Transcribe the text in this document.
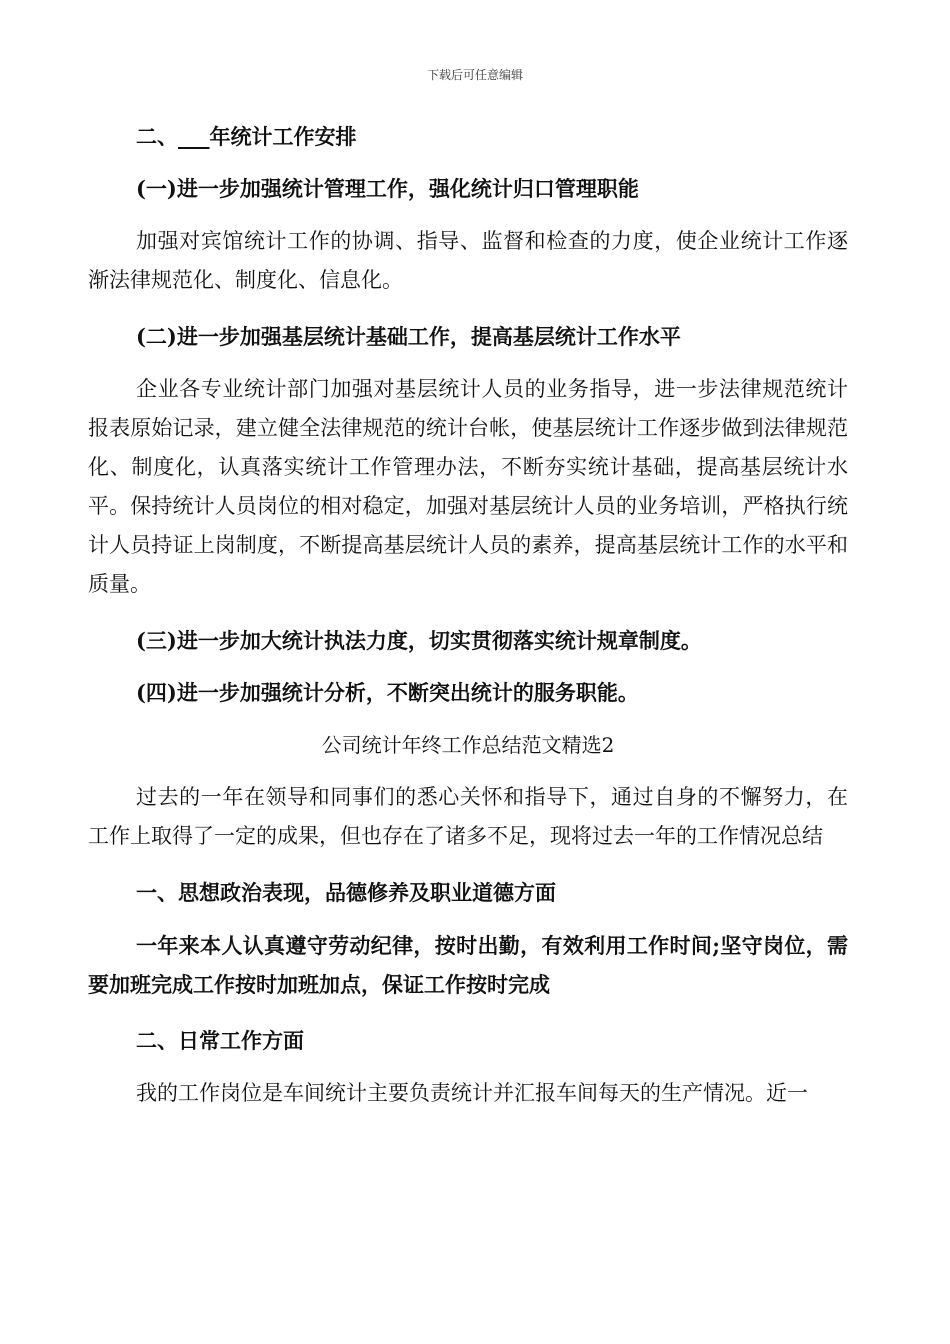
下载后可任意编辑

二、___年统计工作安排

(一)进一步加强统计管理工作，强化统计归口管理职能

加强对宾馆统计工作的协调、指导、监督和检查的力度，使企业统计工作逐渐法律规范化、制度化、信息化。

(二)进一步加强基层统计基础工作，提高基层统计工作水平

企业各专业统计部门加强对基层统计人员的业务指导，进一步法律规范统计报表原始记录，建立健全法律规范的统计台帐，使基层统计工作逐步做到法律规范化、制度化，认真落实统计工作管理办法，不断夯实统计基础，提高基层统计水平。保持统计人员岗位的相对稳定，加强对基层统计人员的业务培训，严格执行统计人员持证上岗制度，不断提高基层统计人员的素养，提高基层统计工作的水平和质量。

(三)进一步加大统计执法力度，切实贯彻落实统计规章制度。

(四)进一步加强统计分析，不断突出统计的服务职能。

公司统计年终工作总结范文精选2

过去的一年在领导和同事们的悉心关怀和指导下，通过自身的不懈努力，在工作上取得了一定的成果，但也存在了诸多不足，现将过去一年的工作情况总结

一、思想政治表现，品德修养及职业道德方面

一年来本人认真遵守劳动纪律，按时出勤，有效利用工作时间;坚守岗位，需要加班完成工作按时加班加点，保证工作按时完成

二、日常工作方面

我的工作岗位是车间统计主要负责统计并汇报车间每天的生产情况。近一
